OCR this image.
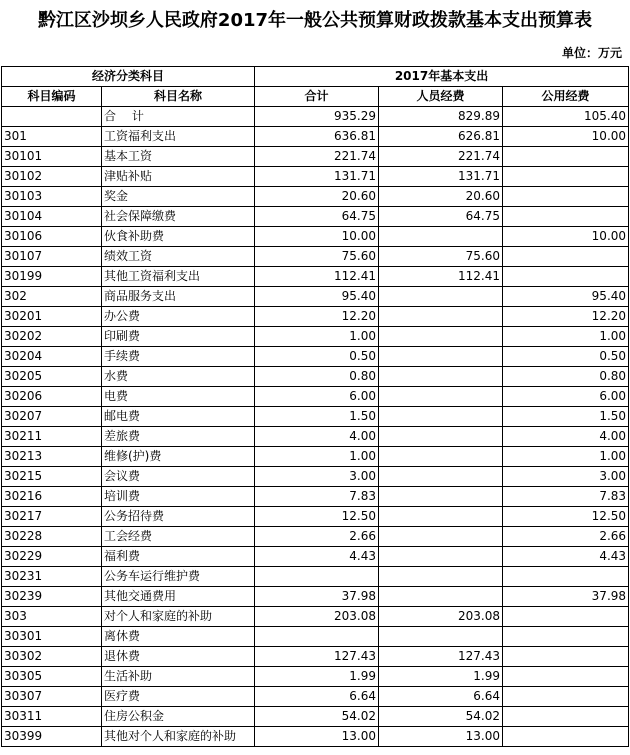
黔江区沙坝乡人民政府2017年一般公共预算财政拨款基本支出预算表
单位：万元
经济分类科目		2017年基本支出		
科目编码	科目名称	合计	人员经费	公用经费
	合 计	935.29	829.89	105.40
301	工资福利支出	636.81	626.81	10.00
30101	基本工资	221.74	221.74	
30102	津贴补贴	131.71	131.71	
30103	奖金	20.60	20.60	
30104	社会保障缴费	64.75	64.75	
30106	伙食补助费	10.00		10.00
30107	绩效工资	75.60	75.60	
30199	其他工资福利支出	112.41	112.41	
302	商品服务支出	95.40		95.40
30201	办公费	12.20		12.20
30202	印刷费	1.00		1.00
30204	手续费	0.50		0.50
30205	水费	0.80		0.80
30206	电费	6.00		6.00
30207	邮电费	1.50		1.50
30211	差旅费	4.00		4.00
30213	维修(护)费	1.00		1.00
30215	会议费	3.00		3.00
30216	培训费	7.83		7.83
30217	公务招待费	12.50		12.50
30228	工会经费	2.66		2.66
30229	福利费	4.43		4.43
30231	公务车运行维护费			
30239	其他交通费用	37.98		37.98
303	对个人和家庭的补助	203.08	203.08	
30301	离休费			
30302	退休费	127.43	127.43	
30305	生活补助	1.99	1.99	
30307	医疗费	6.64	6.64	
30311	住房公积金	54.02	54.02	
30399	其他对个人和家庭的补助	13.00	13.00	
